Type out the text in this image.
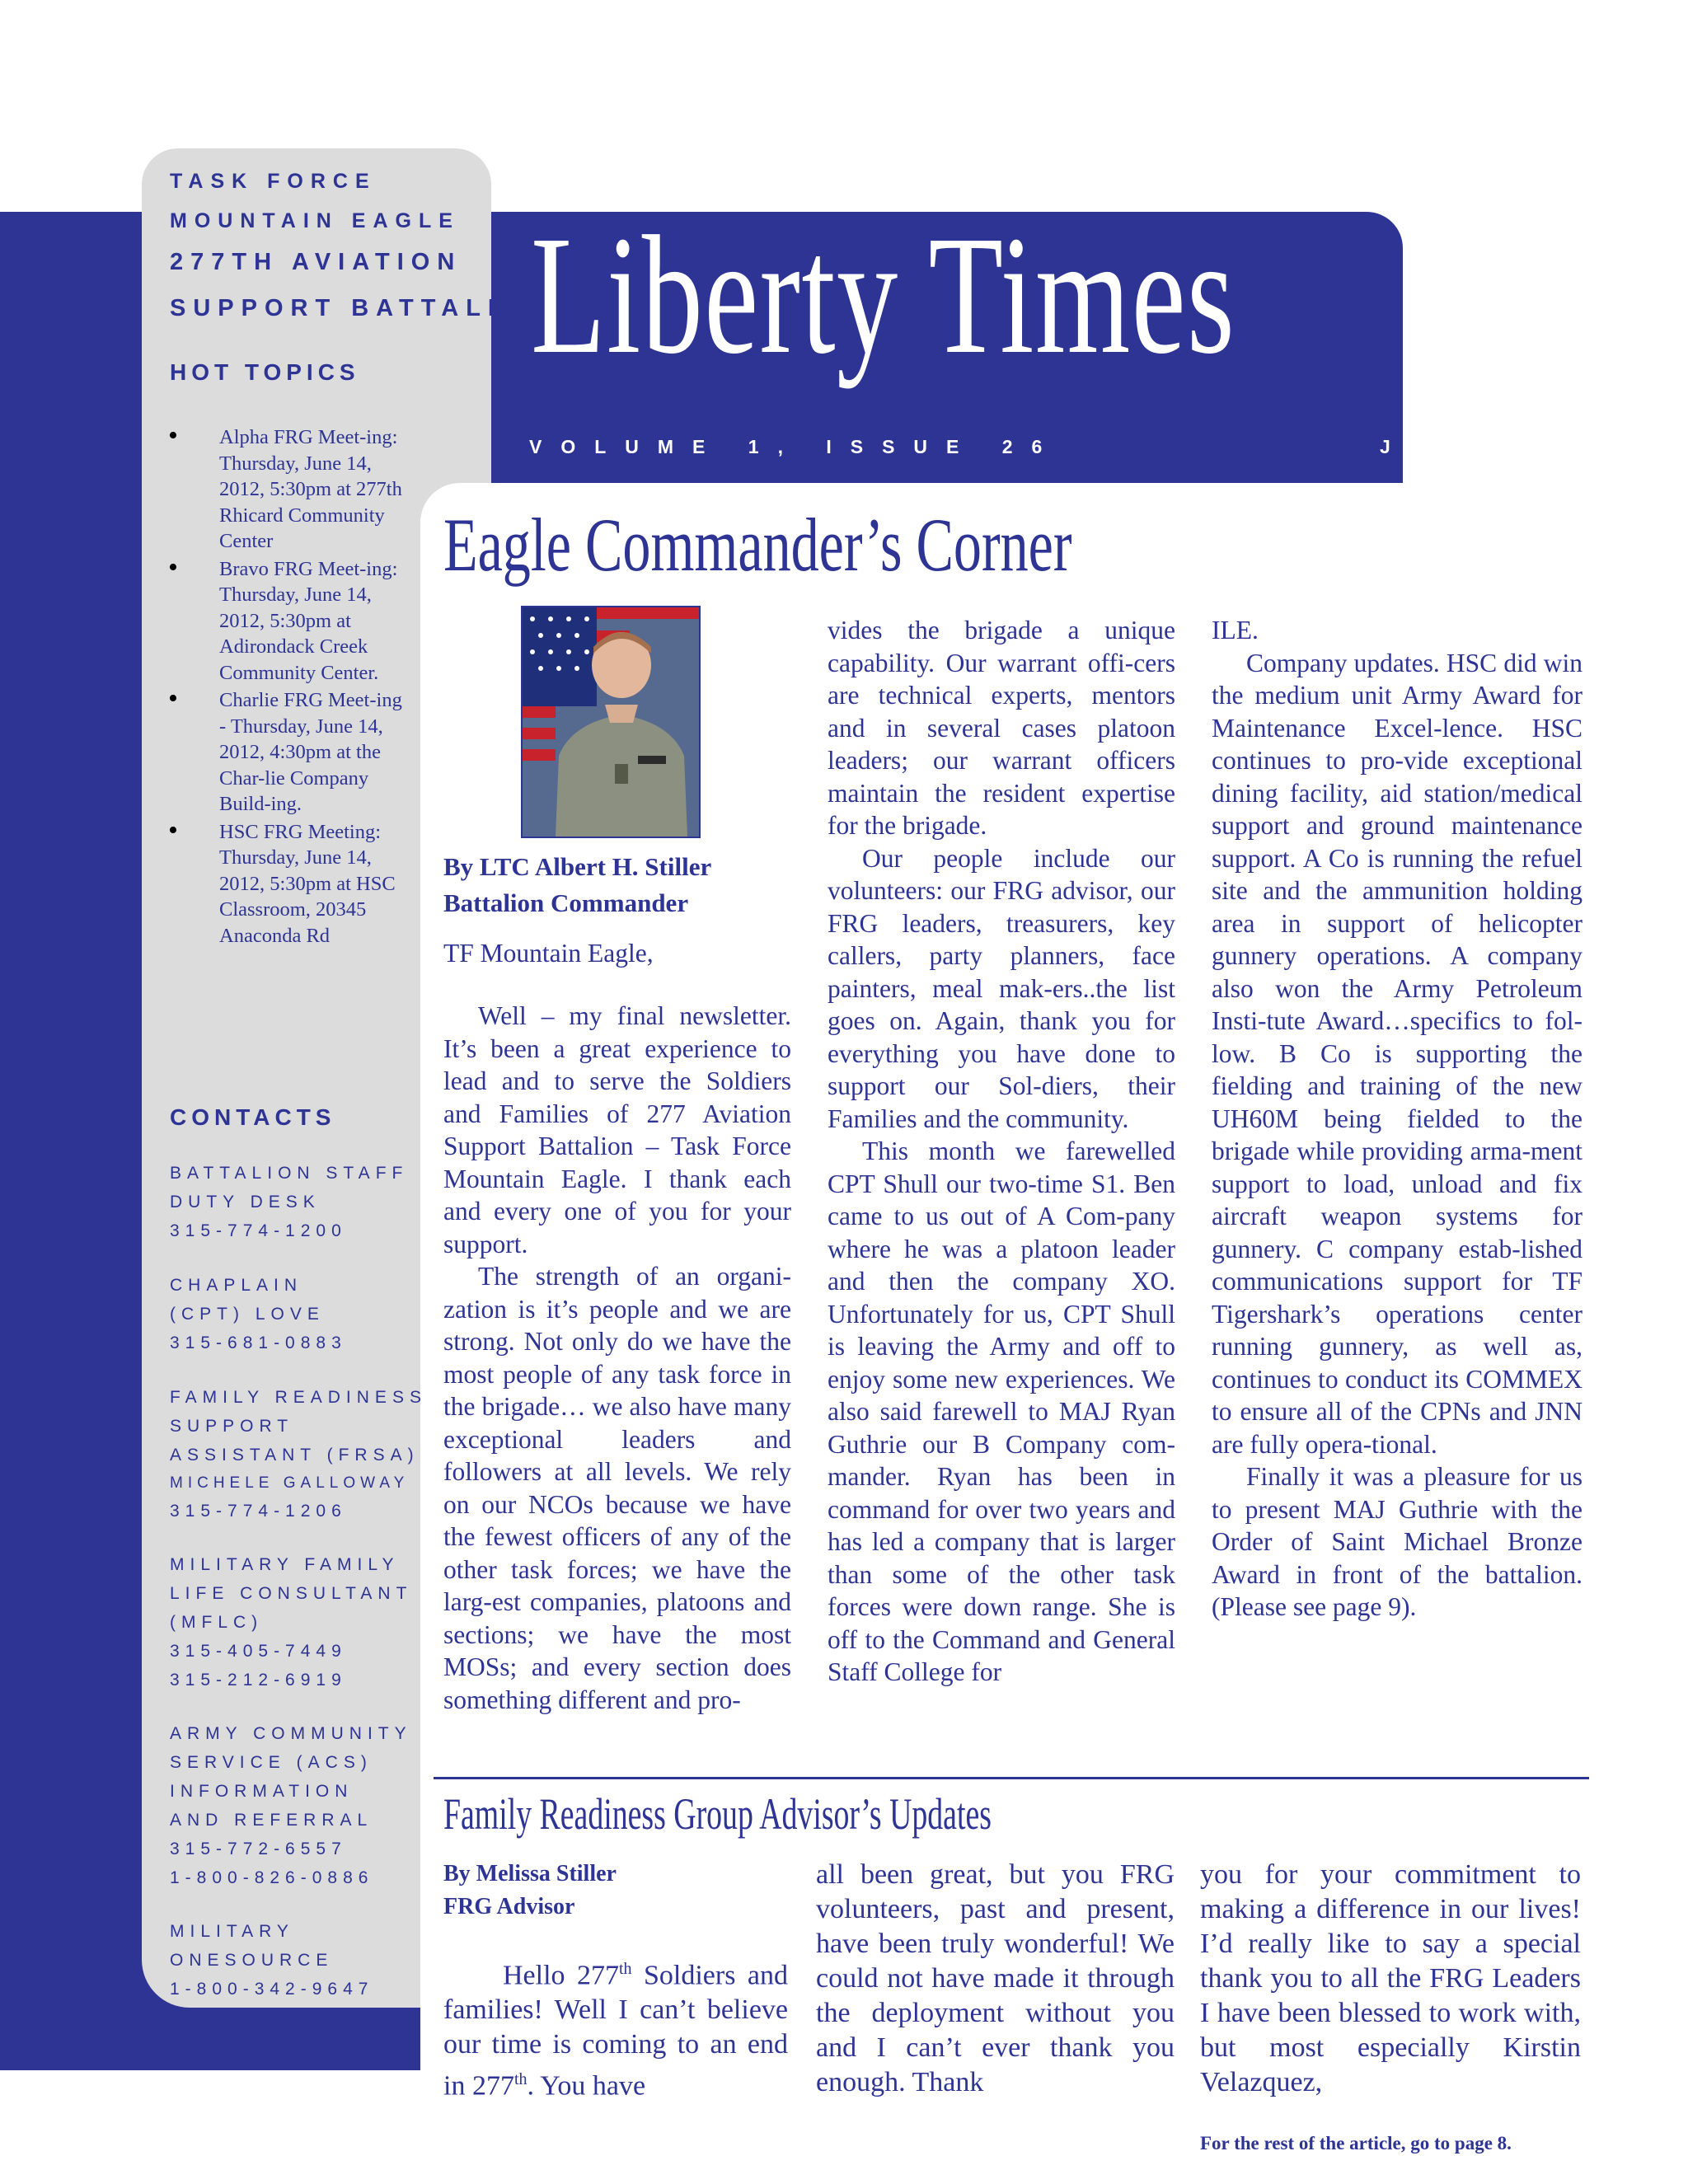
Liberty Times
VOLUME 1, ISSUE 26	J
TASK FORCE
MOUNTAIN EAGLE
277TH AVIATION
SUPPORT BATTALION
HOT TOPICS
• Alpha FRG Meet-ing: Thursday, June 14, 2012, 5:30pm at 277th Rhicard Community Center
• Bravo FRG Meet-ing: Thursday, June 14, 2012, 5:30pm at Adirondack Creek Community Center.
• Charlie FRG Meet-ing - Thursday, June 14, 2012, 4:30pm at the Char-lie Company Build-ing.
• HSC FRG Meeting: Thursday, June 14, 2012, 5:30pm at HSC Classroom, 20345 Anaconda Rd
CONTACTS
BATTALION STAFF
DUTY DESK
315-774-1200
CHAPLAIN
(CPT) LOVE
315-681-0883
FAMILY READINESS
SUPPORT
ASSISTANT (FRSA)
MICHELE GALLOWAY
315-774-1206
MILITARY FAMILY
LIFE CONSULTANT
(MFLC)
315-405-7449
315-212-6919
ARMY COMMUNITY
SERVICE (ACS)
INFORMATION
AND REFERRAL
315-772-6557
1-800-826-0886
MILITARY
ONESOURCE
1-800-342-9647
Eagle Commander’s Corner
By LTC Albert H. Stiller
Battalion Commander
TF Mountain Eagle,

Well – my final newsletter. It’s been a great experience to lead and to serve the Soldiers and Families of 277 Aviation Support Battalion – Task Force Mountain Eagle. I thank each and every one of you for your support.

The strength of an organi-zation is it’s people and we are strong. Not only do we have the most people of any task force in the brigade… we also have many exceptional leaders and followers at all levels. We rely on our NCOs because we have the fewest officers of any of the other task forces; we have the larg-est companies, platoons and sections; we have the most MOSs; and every section does something different and pro-

vides the brigade a unique capability. Our warrant offi-cers are technical experts, mentors and in several cases platoon leaders; our warrant officers maintain the resident expertise for the brigade.

Our people include our volunteers: our FRG advisor, our FRG leaders, treasurers, key callers, party planners, face painters, meal mak-ers..the list goes on. Again, thank you for everything you have done to support our Sol-diers, their Families and the community.

This month we farewelled CPT Shull our two-time S1. Ben came to us out of A Com-pany where he was a platoon leader and then the company XO. Unfortunately for us, CPT Shull is leaving the Army and off to enjoy some new experiences. We also said farewell to MAJ Ryan Guthrie our B Company com-mander. Ryan has been in command for over two years and has led a company that is larger than some of the other task forces were down range. She is off to the Command and General Staff College for

ILE.

Company updates. HSC did win the medium unit Army Award for Maintenance Excel-lence. HSC continues to pro-vide exceptional dining facility, aid station/medical support and ground maintenance support. A Co is running the refuel site and the ammunition holding area in support of helicopter gunnery operations. A company also won the Army Petroleum Insti-tute Award…specifics to fol-low. B Co is supporting the fielding and training of the new UH60M being fielded to the brigade while providing arma-ment support to load, unload and fix aircraft weapon systems for gunnery. C company estab-lished communications support for TF Tigershark’s operations center running gunnery, as well as, continues to conduct its COMMEX to ensure all of the CPNs and JNN are fully opera-tional.

Finally it was a pleasure for us to present MAJ Guthrie with the Order of Saint Michael Bronze Award in front of the battalion. (Please see page 9).

Family Readiness Group Advisor’s Updates
By Melissa Stiller
FRG Advisor

Hello 277th Soldiers and families! Well I can’t believe our time is coming to an end in 277th. You have

all been great, but you FRG volunteers, past and present, have been truly wonderful! We could not have made it through the deployment without you and I can’t ever thank you enough. Thank

you for your commitment to making a difference in our lives! I’d really like to say a special thank you to all the FRG Leaders I have been blessed to work with, but most especially Kirstin Velazquez,

For the rest of the article, go to page 8.
